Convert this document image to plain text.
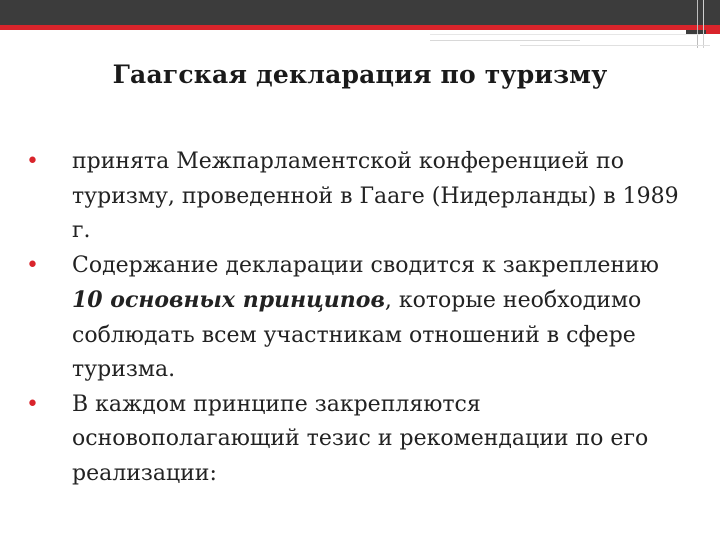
Гаагская декларация по туризму
•	принята Межпарламентской конференцией по туризму, проведенной в Гааге (Нидерланды) в 1989 г.
•	Содержание декларации сводится к закреплению 10 основных принципов, которые необходимо соблюдать всем участникам отношений в сфере туризма.
•	В каждом принципе закрепляются основополагающий тезис и рекомендации по его реализации:
